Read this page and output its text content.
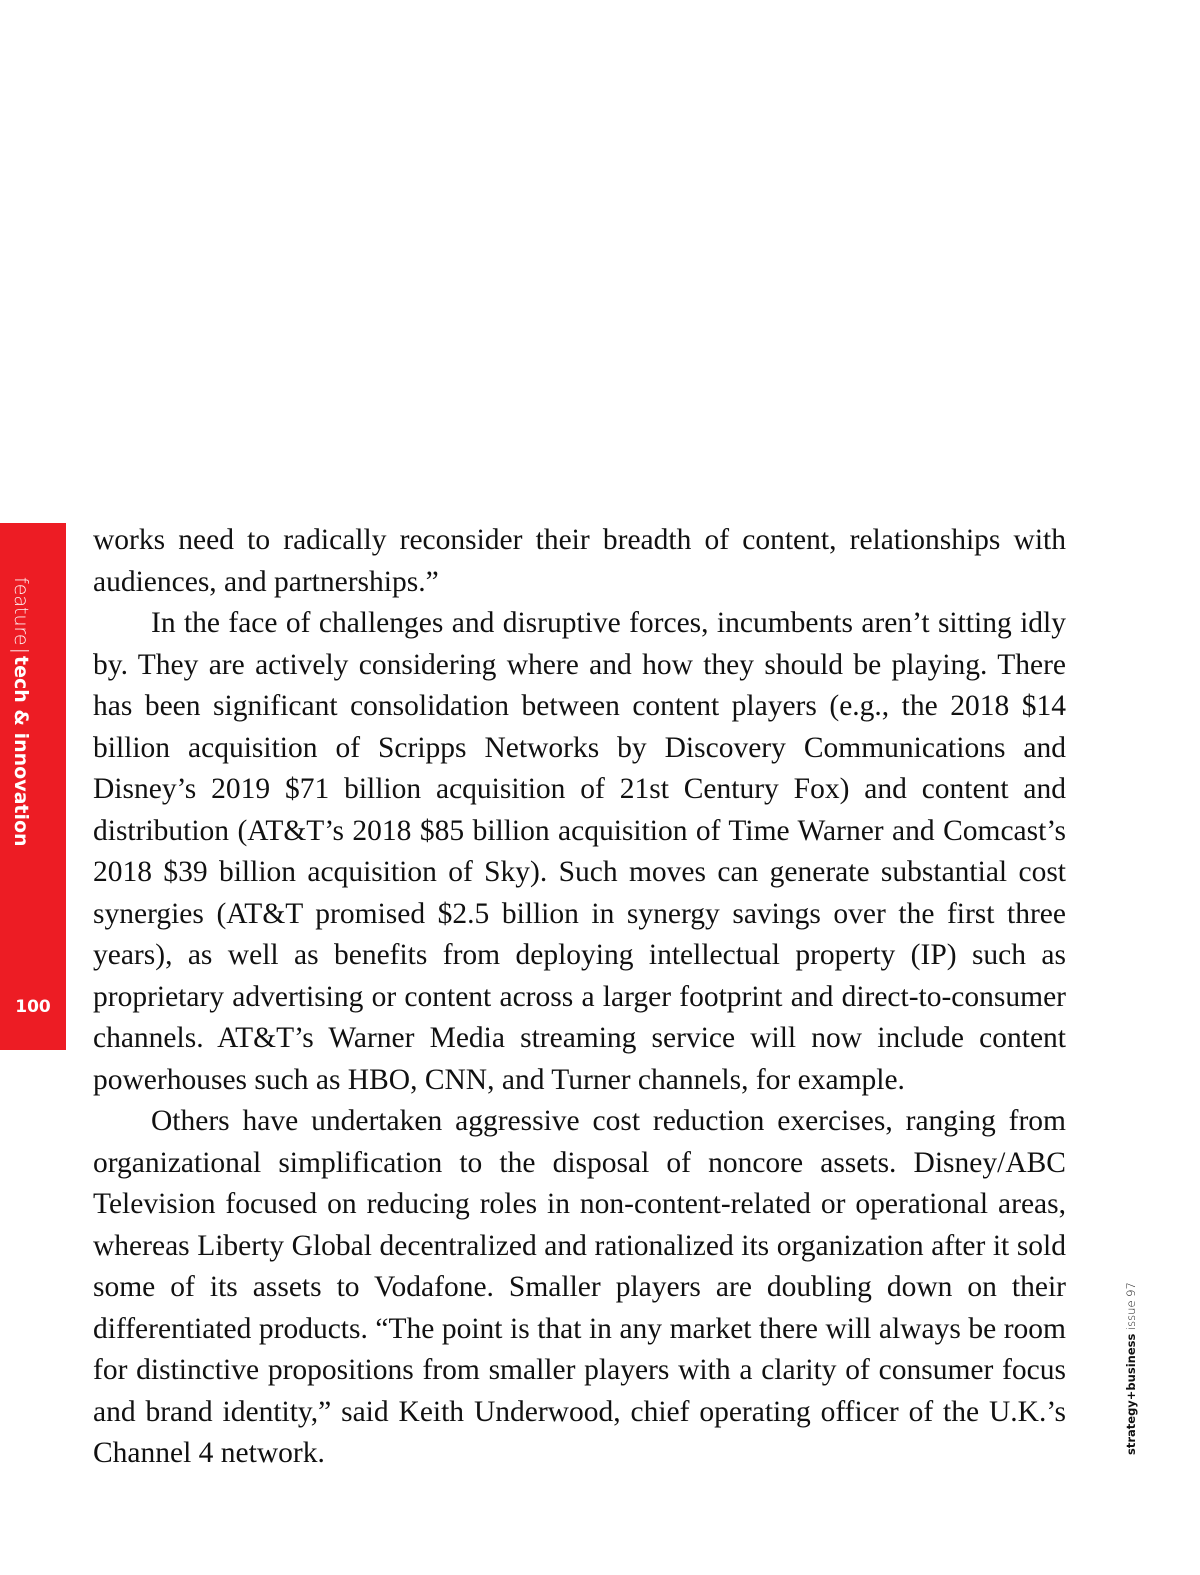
feature|tech & innovation
100

works need to radically reconsider their breadth of content, relationships with audiences, and partnerships.”

In the face of challenges and disruptive forces, incumbents aren’t sitting idly by. They are actively considering where and how they should be playing. There has been significant consolidation between content players (e.g., the 2018 $14 billion acquisition of Scripps Networks by Discovery Communications and Disney’s 2019 $71 billion acquisition of 21st Century Fox) and content and distribution (AT&T’s 2018 $85 billion acquisition of Time Warner and Comcast’s 2018 $39 billion acquisition of Sky). Such moves can generate substantial cost synergies (AT&T promised $2.5 billion in synergy savings over the first three years), as well as benefits from deploying intellectual property (IP) such as proprietary advertising or content across a larger footprint and direct-to-consumer channels. AT&T’s Warner Media streaming service will now include content powerhouses such as HBO, CNN, and Turner channels, for example.

Others have undertaken aggressive cost reduction exercises, ranging from organizational simplification to the disposal of noncore assets. Disney/ABC Television focused on reducing roles in non-content-related or operational areas, whereas Liberty Global decentralized and rationalized its organization after it sold some of its assets to Vodafone. Smaller players are doubling down on their differentiated products. “The point is that in any market there will always be room for distinctive propositions from smaller players with a clarity of consumer focus and brand identity,” said Keith Underwood, chief operating officer of the U.K.’s Channel 4 network.	strategy+business issue 97
